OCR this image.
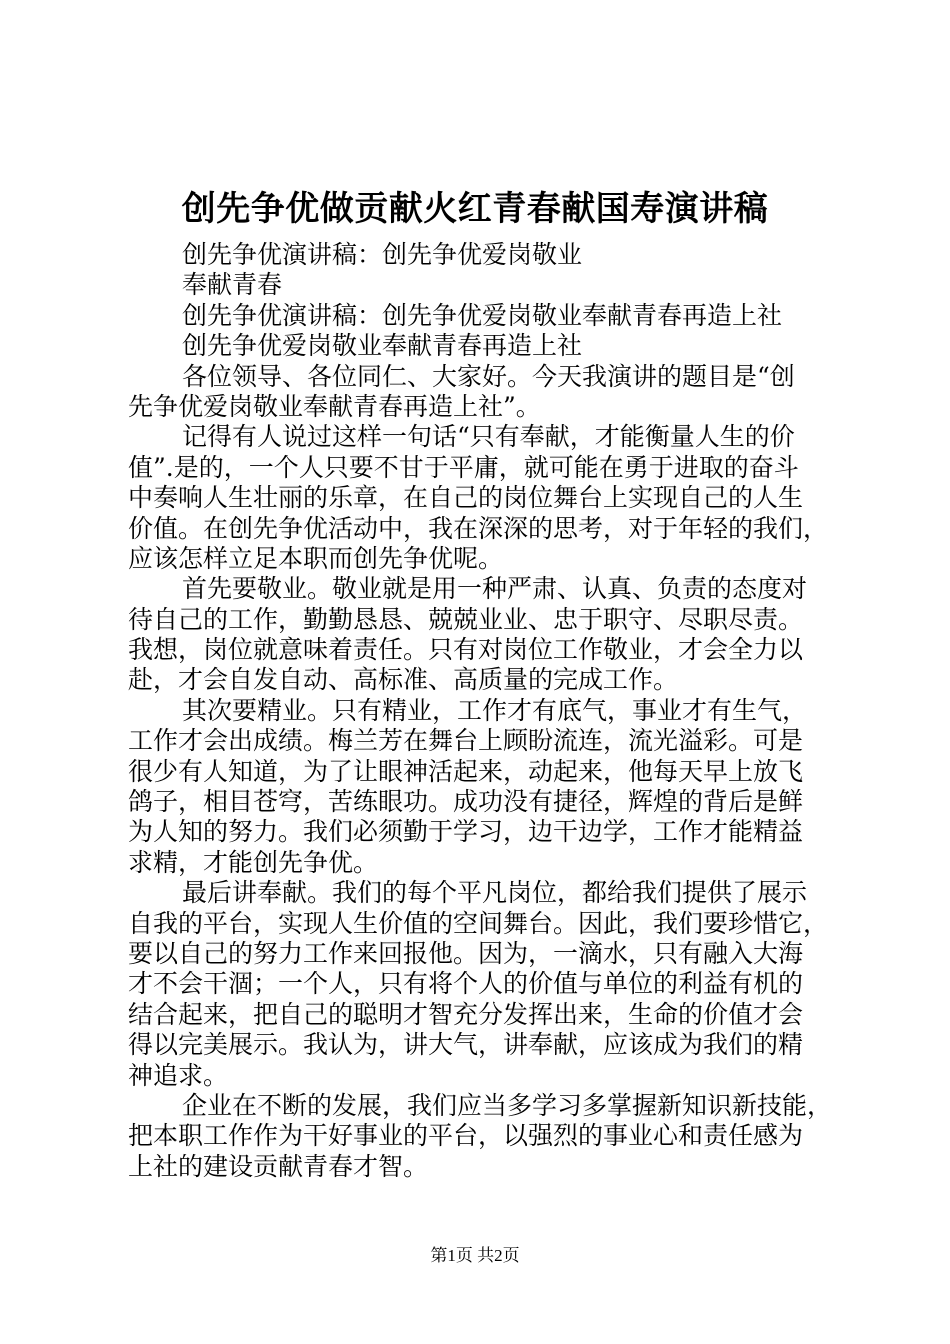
创先争优做贡献火红青春献国寿演讲稿
创先争优演讲稿：创先争优爱岗敬业
奉献青春
创先争优演讲稿：创先争优爱岗敬业奉献青春再造上社
创先争优爱岗敬业奉献青春再造上社
各位领导、各位同仁、大家好。今天我演讲的题目是“创
先争优爱岗敬业奉献青春再造上社”。
记得有人说过这样一句话“只有奉献，才能衡量人生的价
值”.是的，一个人只要不甘于平庸，就可能在勇于进取的奋斗
中奏响人生壮丽的乐章，在自己的岗位舞台上实现自己的人生
价值。在创先争优活动中，我在深深的思考，对于年轻的我们，
应该怎样立足本职而创先争优呢。
首先要敬业。敬业就是用一种严肃、认真、负责的态度对
待自己的工作，勤勤恳恳、兢兢业业、忠于职守、尽职尽责。
我想，岗位就意味着责任。只有对岗位工作敬业，才会全力以
赴，才会自发自动、高标准、高质量的完成工作。
其次要精业。只有精业，工作才有底气，事业才有生气，
工作才会出成绩。梅兰芳在舞台上顾盼流连，流光溢彩。可是
很少有人知道，为了让眼神活起来，动起来，他每天早上放飞
鸽子，相目苍穹，苦练眼功。成功没有捷径，辉煌的背后是鲜
为人知的努力。我们必须勤于学习，边干边学，工作才能精益
求精，才能创先争优。
最后讲奉献。我们的每个平凡岗位，都给我们提供了展示
自我的平台，实现人生价值的空间舞台。因此，我们要珍惜它，
要以自己的努力工作来回报他。因为，一滴水，只有融入大海
才不会干涸；一个人，只有将个人的价值与单位的利益有机的
结合起来，把自己的聪明才智充分发挥出来，生命的价值才会
得以完美展示。我认为，讲大气，讲奉献，应该成为我们的精
神追求。
企业在不断的发展，我们应当多学习多掌握新知识新技能，
把本职工作作为干好事业的平台，以强烈的事业心和责任感为
上社的建设贡献青春才智。
第1页 共2页
